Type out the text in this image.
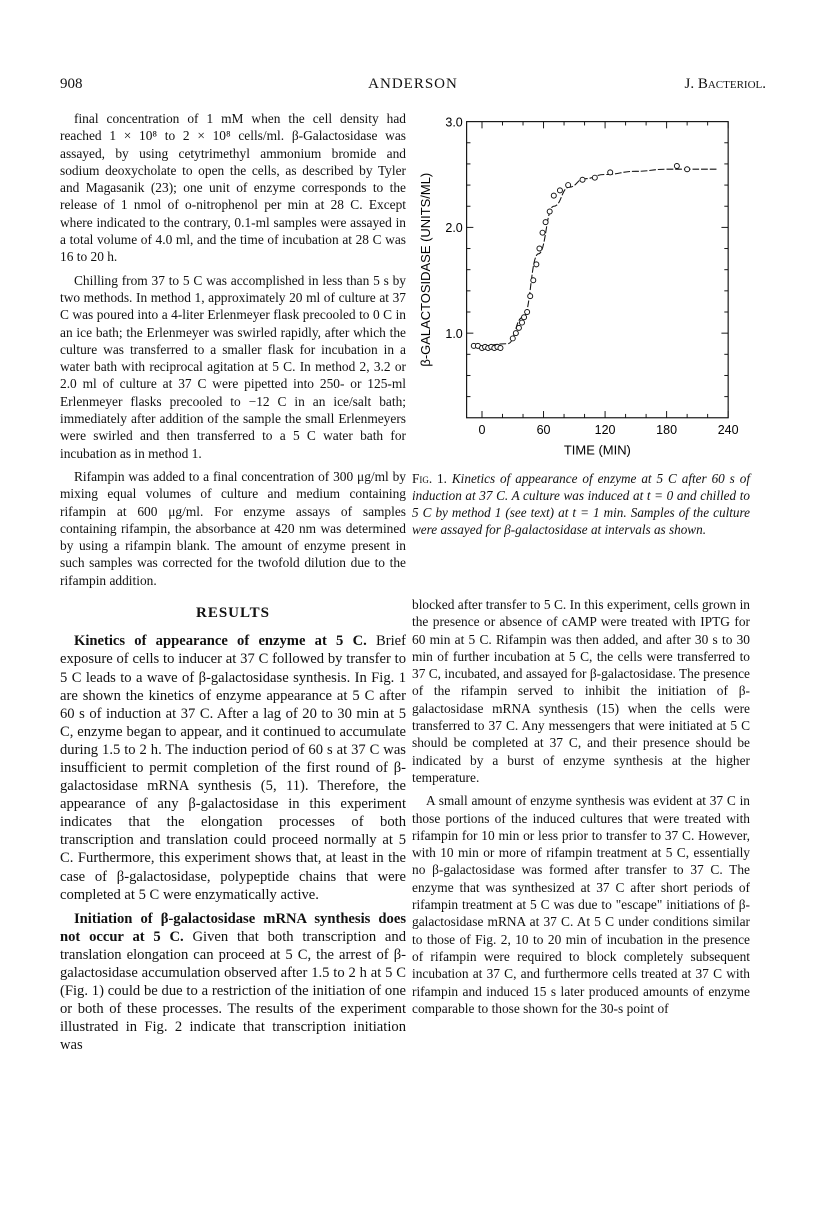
908	ANDERSON	J. Bacteriol.

final concentration of 1 mM when the cell density had reached 1 × 10⁸ to 2 × 10⁸ cells/ml. β-Galactosidase was assayed, by using cetytrimethyl ammonium bromide and sodium deoxycholate to open the cells, as described by Tyler and Magasanik (23); one unit of enzyme corresponds to the release of 1 nmol of o-nitrophenol per min at 28 C. Except where indicated to the contrary, 0.1-ml samples were assayed in a total volume of 4.0 ml, and the time of incubation at 28 C was 16 to 20 h.

Chilling from 37 to 5 C was accomplished in less than 5 s by two methods. In method 1, approximately 20 ml of culture at 37 C was poured into a 4-liter Erlenmeyer flask precooled to 0 C in an ice bath; the Erlenmeyer was swirled rapidly, after which the culture was transferred to a smaller flask for incubation in a water bath with reciprocal agitation at 5 C. In method 2, 3.2 or 2.0 ml of culture at 37 C were pipetted into 250- or 125-ml Erlenmeyer flasks precooled to −12 C in an ice/salt bath; immediately after addition of the sample the small Erlenmeyers were swirled and then transferred to a 5 C water bath for incubation as in method 1.

Rifampin was added to a final concentration of 300 μg/ml by mixing equal volumes of culture and medium containing rifampin at 600 μg/ml. For enzyme assays of samples containing rifampin, the absorbance at 420 nm was determined by using a rifampin blank. The amount of enzyme present in such samples was corrected for the twofold dilution due to the rifampin addition.

RESULTS

Kinetics of appearance of enzyme at 5 C. Brief exposure of cells to inducer at 37 C followed by transfer to 5 C leads to a wave of β-galactosidase synthesis. In Fig. 1 are shown the kinetics of enzyme appearance at 5 C after 60 s of induction at 37 C. After a lag of 20 to 30 min at 5 C, enzyme began to appear, and it continued to accumulate during 1.5 to 2 h. The induction period of 60 s at 37 C was insufficient to permit completion of the first round of β-galactosidase mRNA synthesis (5, 11). Therefore, the appearance of any β-galactosidase in this experiment indicates that the elongation processes of both transcription and translation could proceed normally at 5 C. Furthermore, this experiment shows that, at least in the case of β-galactosidase, polypeptide chains that were completed at 5 C were enzymatically active.

Initiation of β-galactosidase mRNA synthesis does not occur at 5 C. Given that both transcription and translation elongation can proceed at 5 C, the arrest of β-galactosidase accumulation observed after 1.5 to 2 h at 5 C (Fig. 1) could be due to a restriction of the initiation of one or both of these processes. The results of the experiment illustrated in Fig. 2 indicate that transcription initiation was

0	60	120	180	240
1.0
2.0
3.0
TIME (MIN)
β-GALACTOSIDASE (UNITS/ML)
Fig. 1. Kinetics of appearance of enzyme at 5 C after 60 s of induction at 37 C. A culture was induced at t = 0 and chilled to 5 C by method 1 (see text) at t = 1 min. Samples of the culture were assayed for β-galactosidase at intervals as shown.

blocked after transfer to 5 C. In this experiment, cells grown in the presence or absence of cAMP were treated with IPTG for 60 min at 5 C. Rifampin was then added, and after 30 s to 30 min of further incubation at 5 C, the cells were transferred to 37 C, incubated, and assayed for β-galactosidase. The presence of the rifampin served to inhibit the initiation of β-galactosidase mRNA synthesis (15) when the cells were transferred to 37 C. Any messengers that were initiated at 5 C should be completed at 37 C, and their presence should be indicated by a burst of enzyme synthesis at the higher temperature.

A small amount of enzyme synthesis was evident at 37 C in those portions of the induced cultures that were treated with rifampin for 10 min or less prior to transfer to 37 C. However, with 10 min or more of rifampin treatment at 5 C, essentially no β-galactosidase was formed after transfer to 37 C. The enzyme that was synthesized at 37 C after short periods of rifampin treatment at 5 C was due to "escape" initiations of β-galactosidase mRNA at 37 C. At 5 C under conditions similar to those of Fig. 2, 10 to 20 min of incubation in the presence of rifampin were required to block completely subsequent incubation at 37 C, and furthermore cells treated at 37 C with rifampin and induced 15 s later produced amounts of enzyme comparable to those shown for the 30-s point of
